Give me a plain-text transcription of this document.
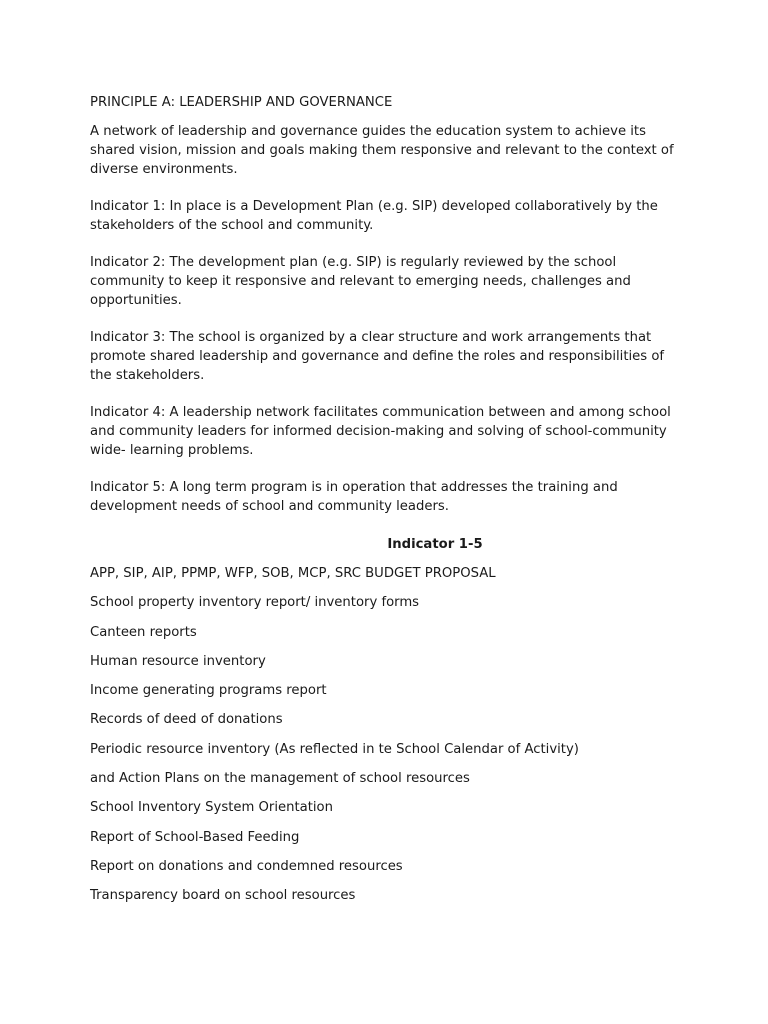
PRINCIPLE A: LEADERSHIP AND GOVERNANCE

A network of leadership and governance guides the education system to achieve its shared vision, mission and goals making them responsive and relevant to the context of diverse environments.

Indicator 1: In place is a Development Plan (e.g. SIP) developed collaboratively by the stakeholders of the school and community.

Indicator 2: The development plan (e.g. SIP) is regularly reviewed by the school community to keep it responsive and relevant to emerging needs, challenges and opportunities.

Indicator 3: The school is organized by a clear structure and work arrangements that promote shared leadership and governance and define the roles and responsibilities of the stakeholders.

Indicator 4: A leadership network facilitates communication between and among school and community leaders for informed decision-making and solving of school-community wide- learning problems.

Indicator 5: A long term program is in operation that addresses the training and development needs of school and community leaders.

Indicator 1-5
APP, SIP, AIP, PPMP, WFP, SOB, MCP, SRC BUDGET PROPOSAL
School property inventory report/ inventory forms
Canteen reports
Human resource inventory
Income generating programs report
Records of deed of donations
Periodic resource inventory (As reflected in te School Calendar of Activity)
and Action Plans on the management of school resources
School Inventory System Orientation
Report of School-Based Feeding
Report on donations and condemned resources
Transparency board on school resources
